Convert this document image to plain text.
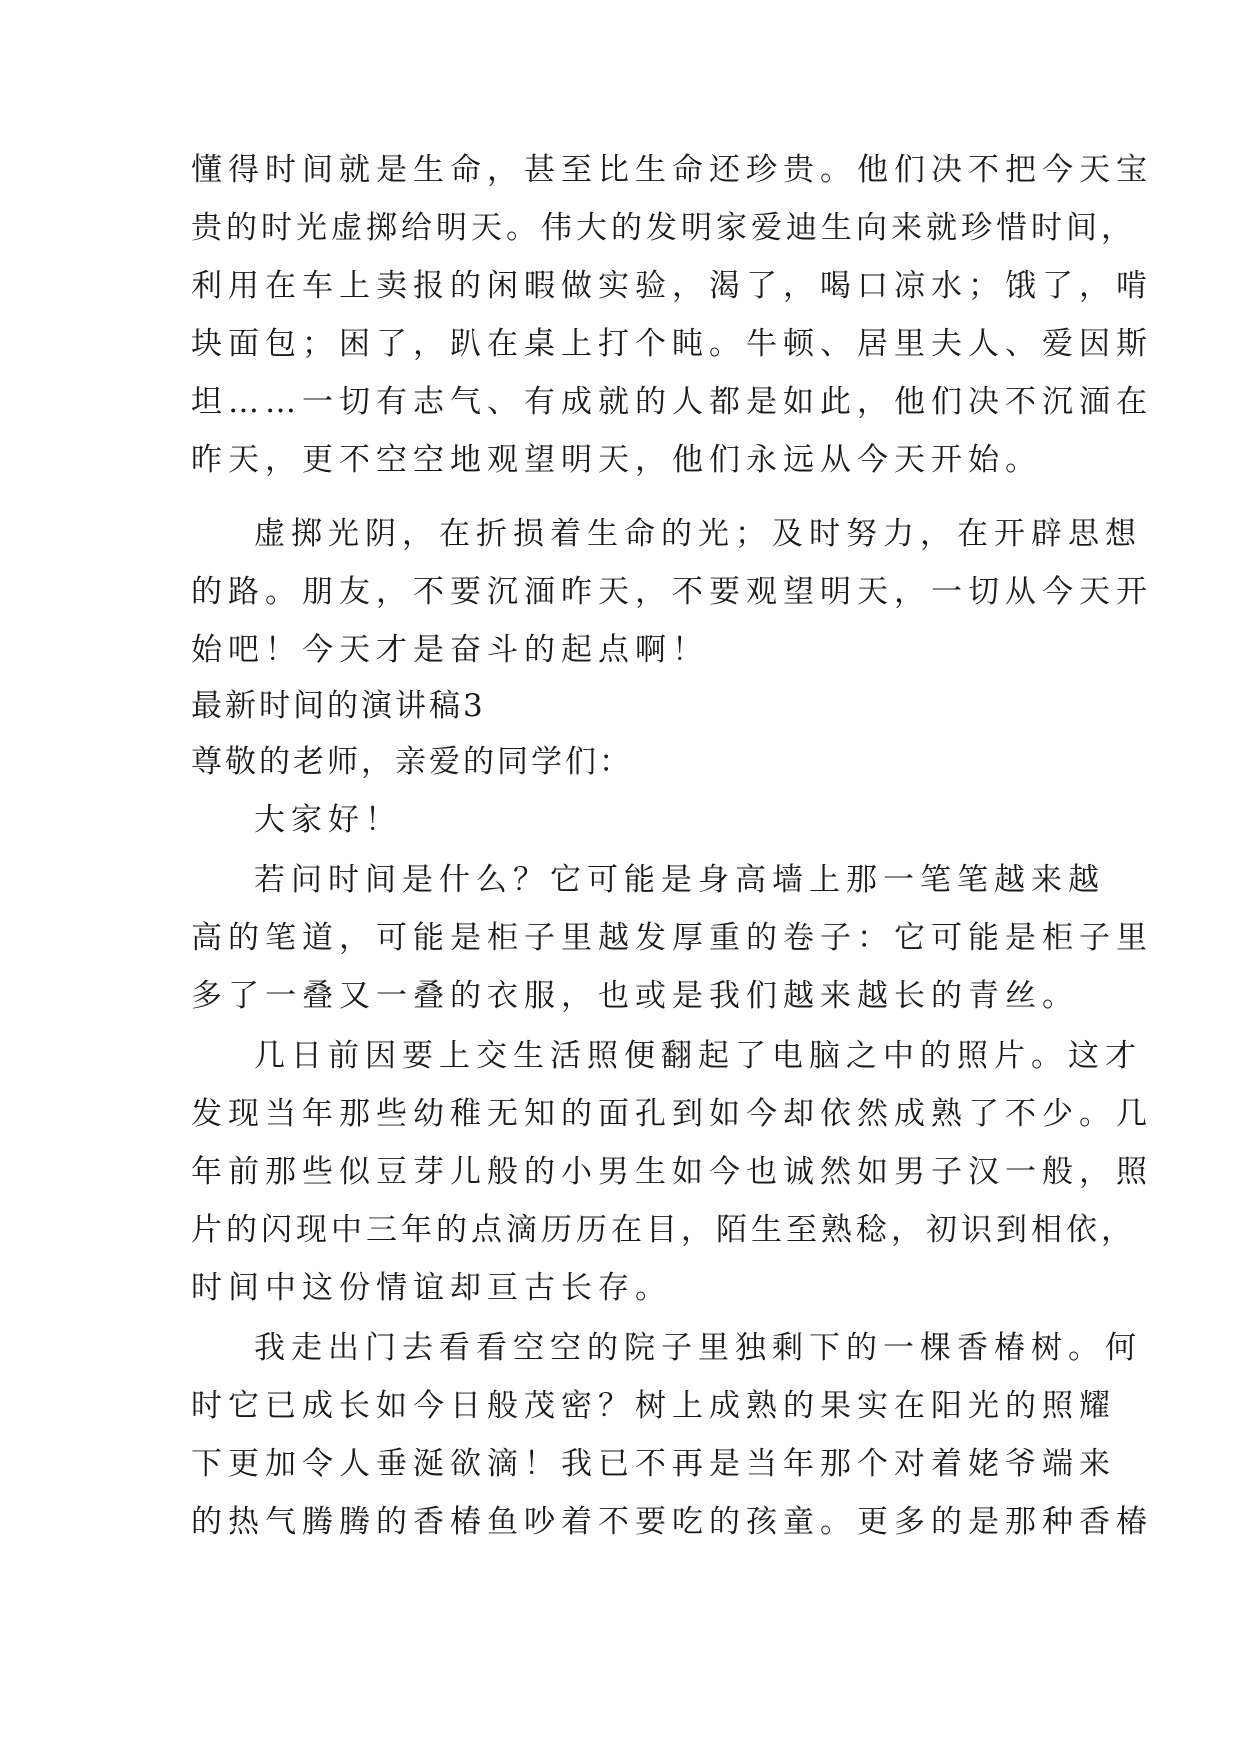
懂得时间就是生命，甚至比生命还珍贵。他们决不把今天宝
贵的时光虚掷给明天。伟大的发明家爱迪生向来就珍惜时间，
利用在车上卖报的闲暇做实验，渴了，喝口凉水；饿了，啃
块面包；困了，趴在桌上打个盹。牛顿、居里夫人、爱因斯
坦……一切有志气、有成就的人都是如此，他们决不沉湎在
昨天，更不空空地观望明天，他们永远从今天开始。
虚掷光阴，在折损着生命的光；及时努力，在开辟思想
的路。朋友，不要沉湎昨天，不要观望明天，一切从今天开
始吧！今天才是奋斗的起点啊！
最新时间的演讲稿3
尊敬的老师，亲爱的同学们：
大家好！
若问时间是什么？它可能是身高墙上那一笔笔越来越
高的笔道，可能是柜子里越发厚重的卷子：它可能是柜子里
多了一叠又一叠的衣服，也或是我们越来越长的青丝。
几日前因要上交生活照便翻起了电脑之中的照片。这才
发现当年那些幼稚无知的面孔到如今却依然成熟了不少。几
年前那些似豆芽儿般的小男生如今也诚然如男子汉一般，照
片的闪现中三年的点滴历历在目，陌生至熟稔，初识到相依，
时间中这份情谊却亘古长存。
我走出门去看看空空的院子里独剩下的一棵香椿树。何
时它已成长如今日般茂密？树上成熟的果实在阳光的照耀
下更加令人垂涎欲滴！我已不再是当年那个对着姥爷端来
的热气腾腾的香椿鱼吵着不要吃的孩童。更多的是那种香椿
